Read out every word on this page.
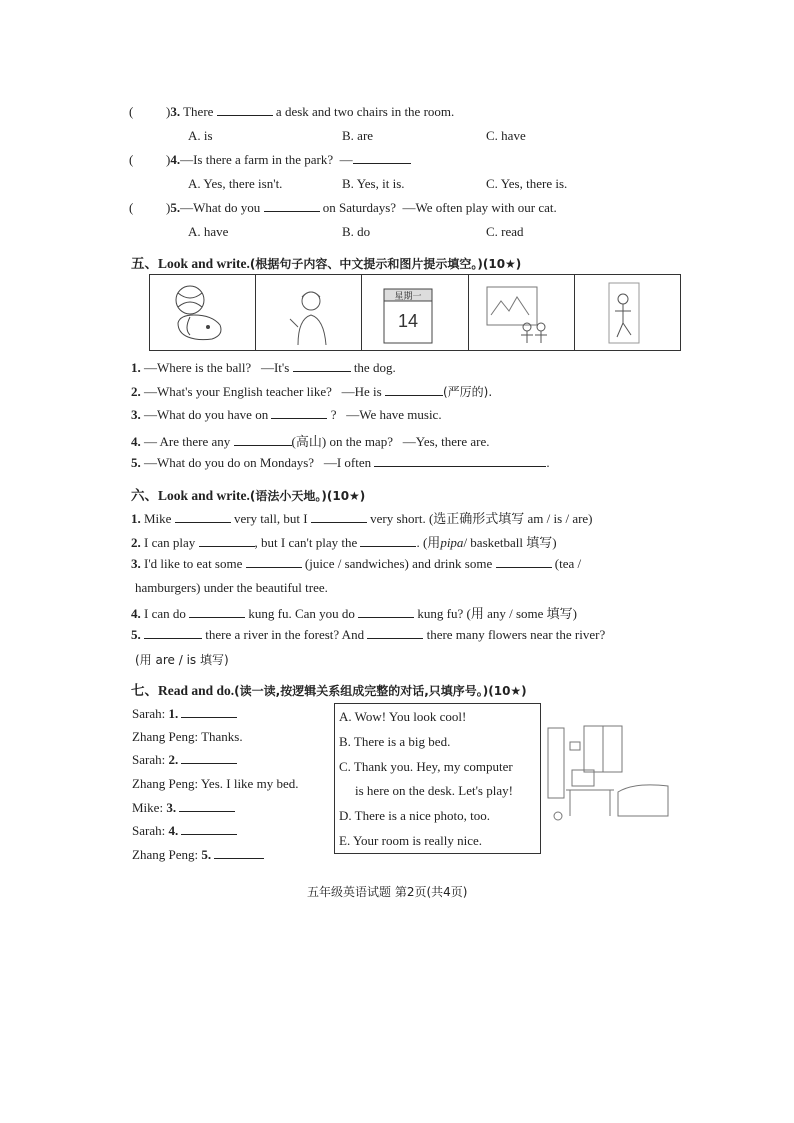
(	)3. There	a desk and two chairs in the room.
A. is	B. are	C. have
(	)4.—Is there a farm in the park? —
A. Yes, there isn't.	B. Yes, it is.	C. Yes, there is.
(	)5.—What do you	on Saturdays? —We often play with our cat.
A. have	B. do	C. read
五、Look and write.(根据句子内容、中文提示和图片提示填空。)(10★)
星期一
14
1. —Where is the ball? —It's	the dog.
2. —What's your English teacher like? —He is	(严厉的).
3. —What do you have on	? —We have music.
4. — Are there any	(高山) on the map? —Yes, there are.
5. —What do you do on Mondays? —I often	.
六、Look and write.(语法小天地。)(10★)
1. Mike	very tall, but I	very short. (选正确形式填写 am / is / are)
2. I can play	, but I can't play the	. (用pipa/ basketball 填写)
3. I'd like to eat some	(juice / sandwiches) and drink some	(tea /
hamburgers) under the beautiful tree.
4. I can do	kung fu. Can you do	kung fu? (用 any / some 填写)
5.	there a river in the forest? And	there many flowers near the river?
(用 are / is 填写)
七、Read and do.(读一读,按逻辑关系组成完整的对话,只填序号。)(10★)
Sarah: 1.
Zhang Peng: Thanks.
Sarah: 2.
Zhang Peng: Yes. I like my bed.
Mike: 3.
Sarah: 4.
Zhang Peng: 5.
A. Wow! You look cool!
B. There is a big bed.
C. Thank you. Hey, my computer
is here on the desk. Let's play!
D. There is a nice photo, too.
E. Your room is really nice.
五年级英语试题 第2页(共4页)
